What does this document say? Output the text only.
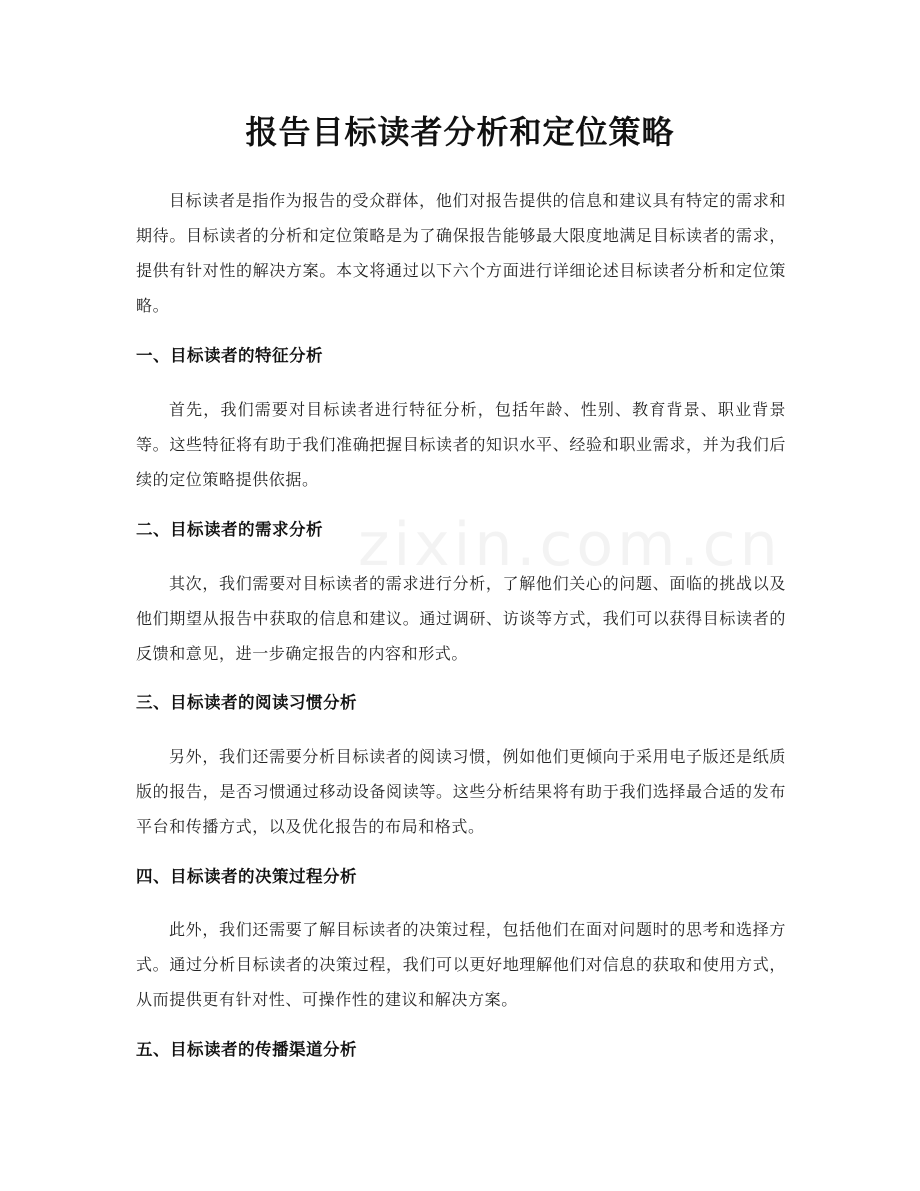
报告目标读者分析和定位策略

目标读者是指作为报告的受众群体，他们对报告提供的信息和建议具有特定的需求和期待。目标读者的分析和定位策略是为了确保报告能够最大限度地满足目标读者的需求，提供有针对性的解决方案。本文将通过以下六个方面进行详细论述目标读者分析和定位策略。

一、目标读者的特征分析

首先，我们需要对目标读者进行特征分析，包括年龄、性别、教育背景、职业背景等。这些特征将有助于我们准确把握目标读者的知识水平、经验和职业需求，并为我们后续的定位策略提供依据。

二、目标读者的需求分析

其次，我们需要对目标读者的需求进行分析，了解他们关心的问题、面临的挑战以及他们期望从报告中获取的信息和建议。通过调研、访谈等方式，我们可以获得目标读者的反馈和意见，进一步确定报告的内容和形式。

三、目标读者的阅读习惯分析

另外，我们还需要分析目标读者的阅读习惯，例如他们更倾向于采用电子版还是纸质版的报告，是否习惯通过移动设备阅读等。这些分析结果将有助于我们选择最合适的发布平台和传播方式，以及优化报告的布局和格式。

四、目标读者的决策过程分析

此外，我们还需要了解目标读者的决策过程，包括他们在面对问题时的思考和选择方式。通过分析目标读者的决策过程，我们可以更好地理解他们对信息的获取和使用方式，从而提供更有针对性、可操作性的建议和解决方案。

五、目标读者的传播渠道分析
zixin.com.cn
